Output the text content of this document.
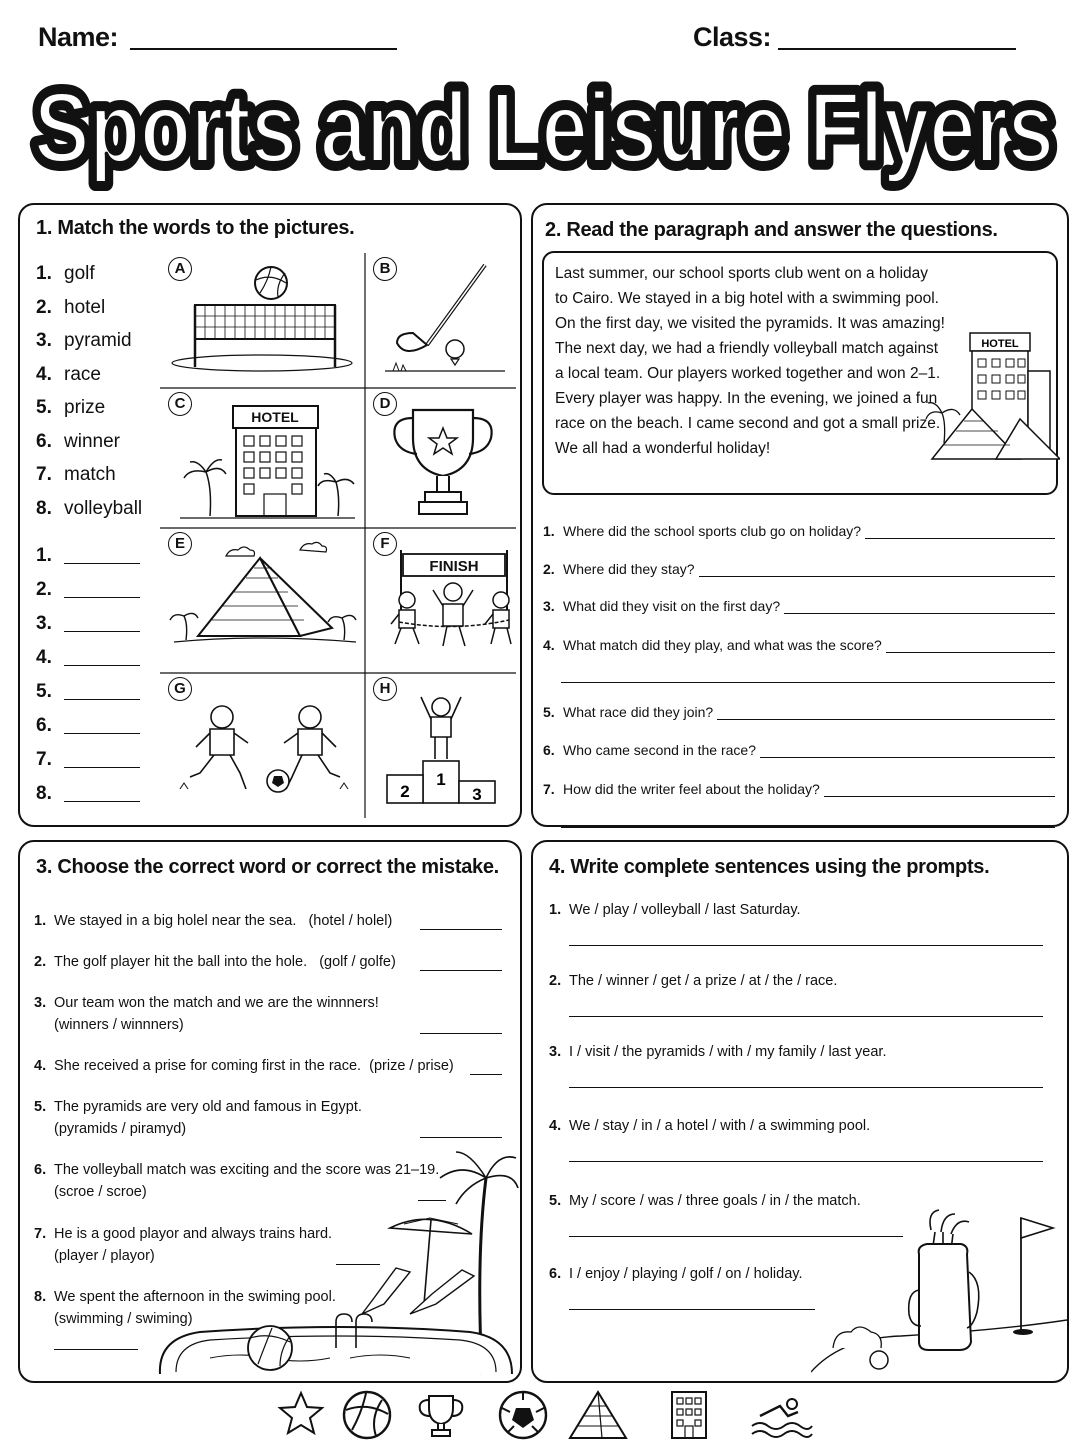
Name:	Class:
Sports and Leisure Flyers
Sports and Leisure Flyers
1. Match the words to the pictures.
1. golf
2. hotel
3. pyramid
4. race
5. prize
6. winner
7. match
8. volleyball
1.
2.
3.
4.
5.
6.
7.
8.
A	B
HOTEL
C	D
E
FINISH
F
G
1
2	3
H
2. Read the paragraph and answer the questions.

Last summer, our school sports club went on a holiday to Cairo. We stayed in a big hotel with a swimming pool. On the first day, we visited the pyramids. It was amazing! The next day, we had a friendly volleyball match against a local team. Our players worked together and won 2–1. Every player was happy. In the evening, we joined a fun race on the beach. I came second and got a small prize. We all had a wonderful holiday!

HOTEL
1. Where did the school sports club go on holiday?
2. Where did they stay?
3. What did they visit on the first day?
4. What match did they play, and what was the score?
5. What race did they join?
6. Who came second in the race?
7. How did the writer feel about the holiday?
3. Choose the correct word or correct the mistake.
1. We stayed in a big holel near the sea. (hotel / holel)
2. The golf player hit the ball into the hole. (golf / golfe)
3. Our team won the match and we are the winnners!
(winners / winnners)
4. She received a prise for coming first in the race. (prize / prise)
5. The pyramids are very old and famous in Egypt.
(pyramids / piramyd)
6. The volleyball match was exciting and the score was 21–19.
(scroe / scroe)
7. He is a good playor and always trains hard.
(player / playor)
8. We spent the afternoon in the swiming pool.
(swimming / swiming)
4. Write complete sentences using the prompts.
1. We / play / volleyball / last Saturday.
2. The / winner / get / a prize / at / the / race.
3. I / visit / the pyramids / with / my family / last year.
4. We / stay / in / a hotel / with / a swimming pool.
5. My / score / was / three goals / in / the match.
6. I / enjoy / playing / golf / on / holiday.
